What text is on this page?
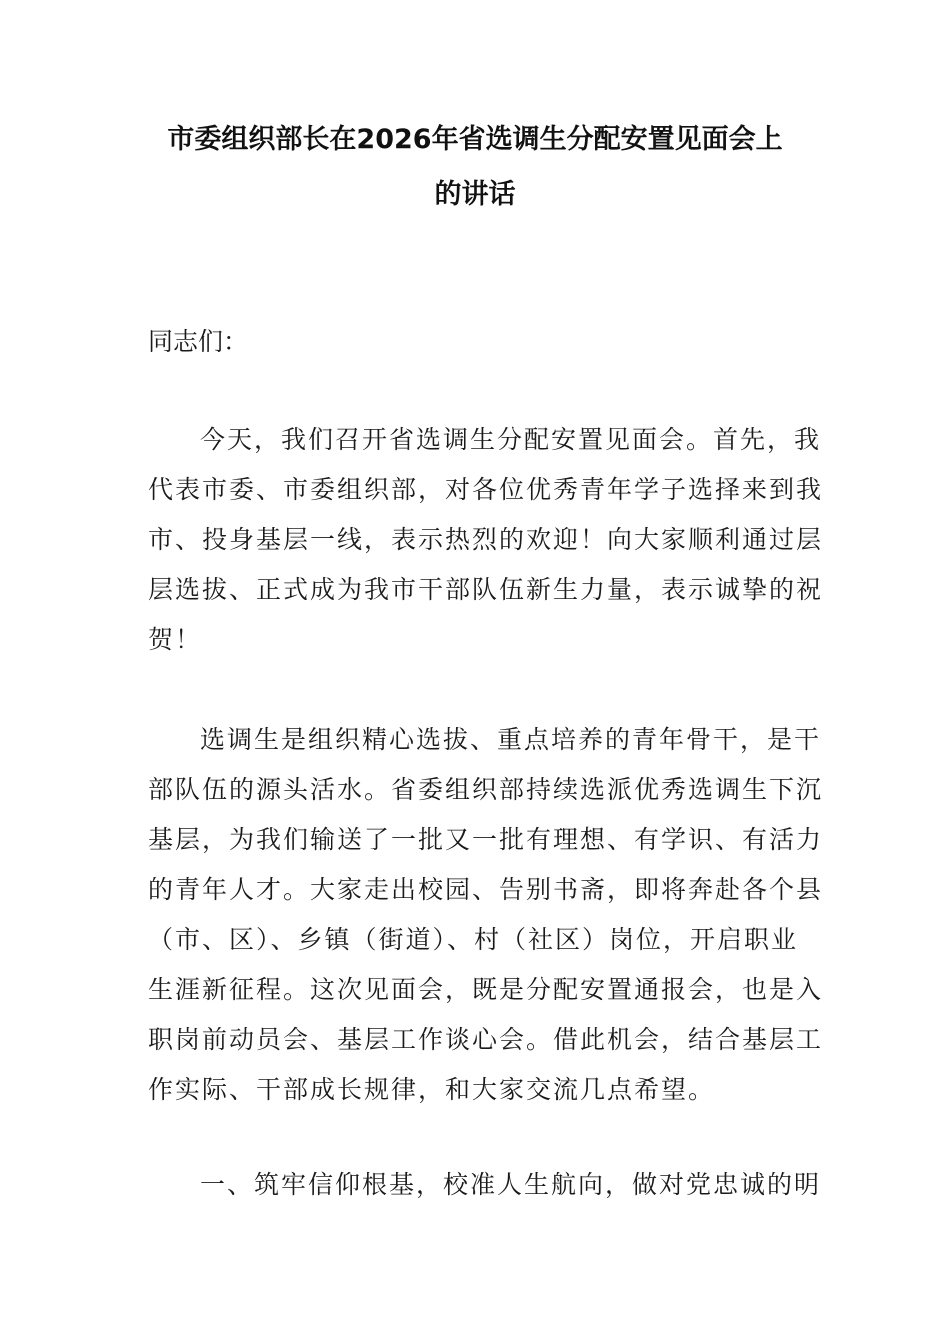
市委组织部长在2026年省选调生分配安置见面会上
的讲话

同志们：

今天，我们召开省选调生分配安置见面会。首先，我
代表市委、市委组织部，对各位优秀青年学子选择来到我
市、投身基层一线，表示热烈的欢迎！向大家顺利通过层
层选拔、正式成为我市干部队伍新生力量，表示诚挚的祝
贺！

选调生是组织精心选拔、重点培养的青年骨干，是干
部队伍的源头活水。省委组织部持续选派优秀选调生下沉
基层，为我们输送了一批又一批有理想、有学识、有活力
的青年人才。大家走出校园、告别书斋，即将奔赴各个县
（市、区）、乡镇（街道）、村（社区）岗位，开启职业
生涯新征程。这次见面会，既是分配安置通报会，也是入
职岗前动员会、基层工作谈心会。借此机会，结合基层工
作实际、干部成长规律，和大家交流几点希望。

一、筑牢信仰根基，校准人生航向，做对党忠诚的明
